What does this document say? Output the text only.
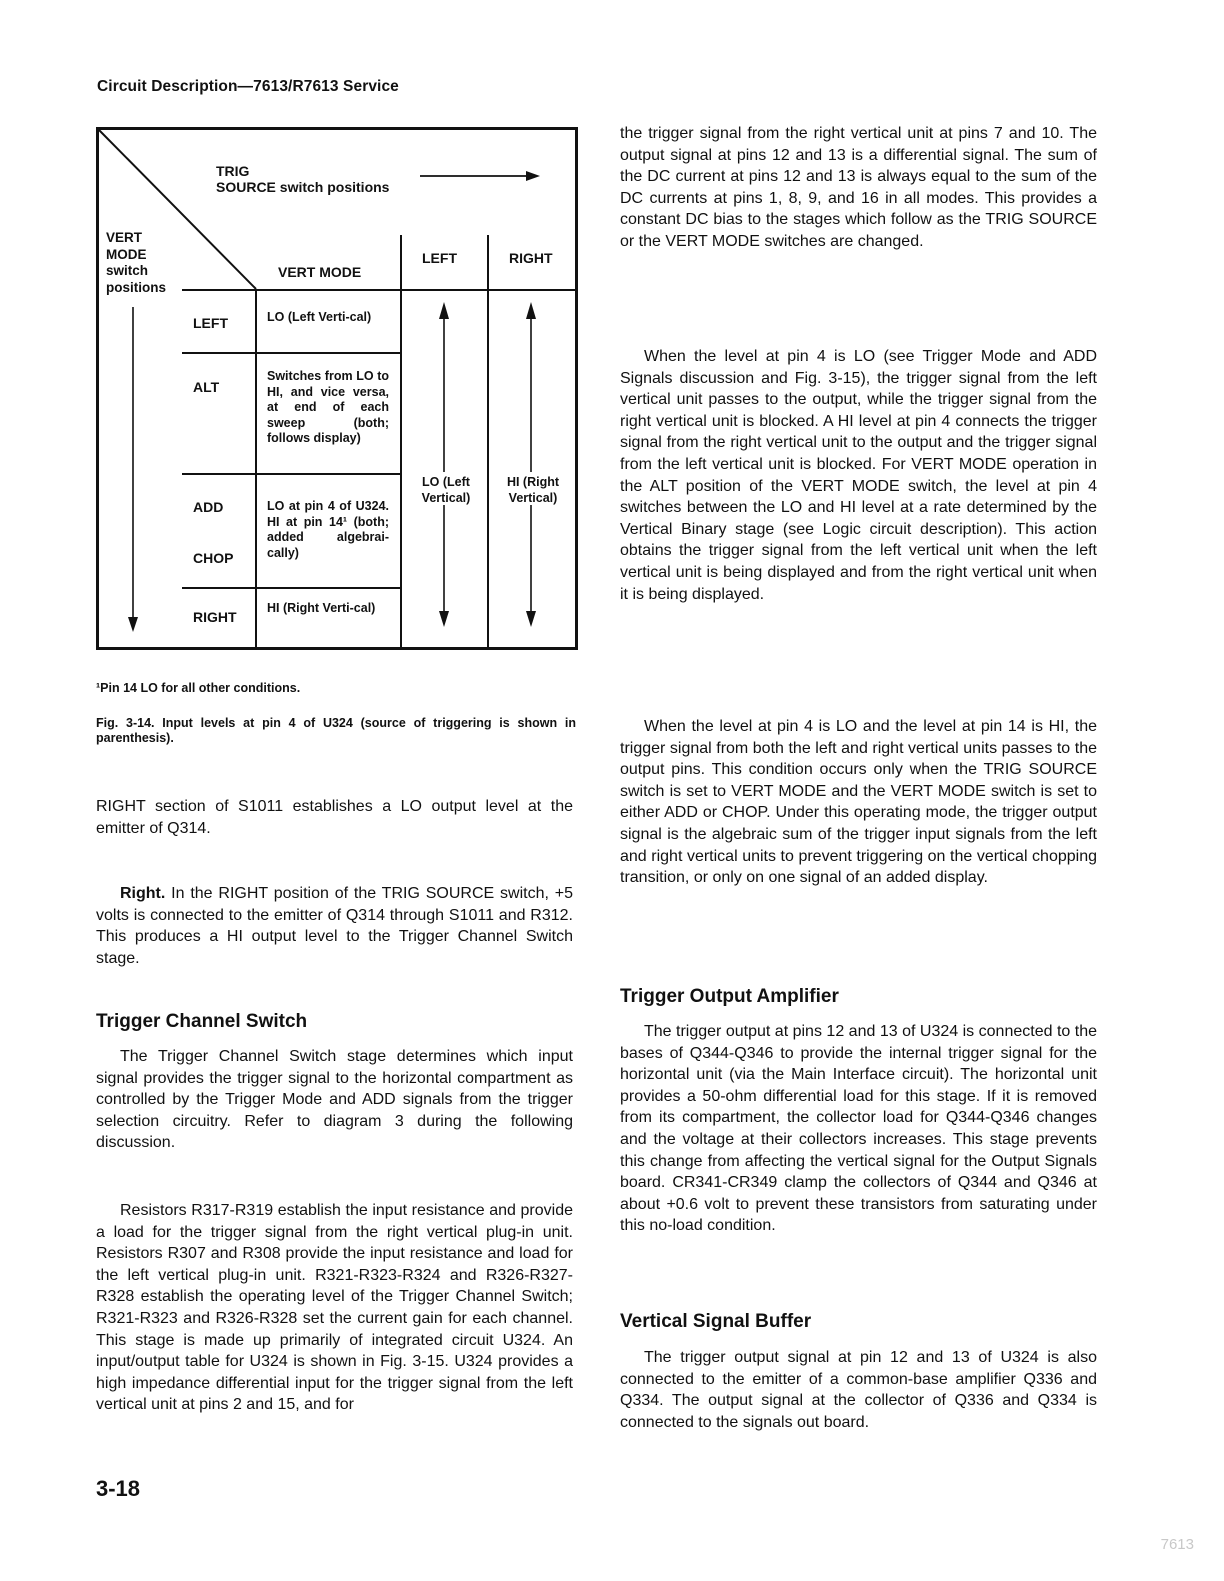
Circuit Description—7613/R7613 Service
TRIG
SOURCE switch positions
VERT
MODE
switch
positions
VERT MODE
LEFT	RIGHT
LEFT
ALT
ADD
CHOP
RIGHT
LO (Left Verti-cal)
Switches from LO to HI, and vice versa, at end of each sweep (both; follows display)
LO at pin 4 of U324. HI at pin 14¹ (both; added algebrai-cally)
HI (Right Verti-cal)
LO (Left Vertical)
HI (Right Vertical)
¹Pin 14 LO for all other conditions.
Fig. 3-14. Input levels at pin 4 of U324 (source of triggering is shown in parenthesis).

RIGHT section of S1011 establishes a LO output level at the emitter of Q314.

Right. In the RIGHT position of the TRIG SOURCE switch, +5 volts is connected to the emitter of Q314 through S1011 and R312. This produces a HI output level to the Trigger Channel Switch stage.

Trigger Channel Switch

The Trigger Channel Switch stage determines which input signal provides the trigger signal to the horizontal compartment as controlled by the Trigger Mode and ADD signals from the trigger selection circuitry. Refer to diagram 3 during the following discussion.

Resistors R317-R319 establish the input resistance and provide a load for the trigger signal from the right vertical plug-in unit. Resistors R307 and R308 provide the input resistance and load for the left vertical plug-in unit. R321-R323-R324 and R326-R327-R328 establish the operating level of the Trigger Channel Switch; R321-R323 and R326-R328 set the current gain for each channel. This stage is made up primarily of integrated circuit U324. An input/output table for U324 is shown in Fig. 3-15. U324 provides a high impedance differential input for the trigger signal from the left vertical unit at pins 2 and 15, and for

the trigger signal from the right vertical unit at pins 7 and 10. The output signal at pins 12 and 13 is a differential signal. The sum of the DC current at pins 12 and 13 is always equal to the sum of the DC currents at pins 1, 8, 9, and 16 in all modes. This provides a constant DC bias to the stages which follow as the TRIG SOURCE or the VERT MODE switches are changed.

When the level at pin 4 is LO (see Trigger Mode and ADD Signals discussion and Fig. 3-15), the trigger signal from the left vertical unit passes to the output, while the trigger signal from the right vertical unit is blocked. A HI level at pin 4 connects the trigger signal from the right vertical unit to the output and the trigger signal from the left vertical unit is blocked. For VERT MODE operation in the ALT position of the VERT MODE switch, the level at pin 4 switches between the LO and HI level at a rate determined by the Vertical Binary stage (see Logic circuit description). This action obtains the trigger signal from the left vertical unit when the left vertical unit is being displayed and from the right vertical unit when it is being displayed.

When the level at pin 4 is LO and the level at pin 14 is HI, the trigger signal from both the left and right vertical units passes to the output pins. This condition occurs only when the TRIG SOURCE switch is set to VERT MODE and the VERT MODE switch is set to either ADD or CHOP. Under this operating mode, the trigger output signal is the algebraic sum of the trigger input signals from the left and right vertical units to prevent triggering on the vertical chopping transition, or only on one signal of an added display.

Trigger Output Amplifier

The trigger output at pins 12 and 13 of U324 is connected to the bases of Q344-Q346 to provide the internal trigger signal for the horizontal unit (via the Main Interface circuit). The horizontal unit provides a 50-ohm differential load for this stage. If it is removed from its compartment, the collector load for Q344-Q346 changes and the voltage at their collectors increases. This stage prevents this change from affecting the vertical signal for the Output Signals board. CR341-CR349 clamp the collectors of Q344 and Q346 at about +0.6 volt to prevent these transistors from saturating under this no-load condition.

Vertical Signal Buffer

The trigger output signal at pin 12 and 13 of U324 is also connected to the emitter of a common-base amplifier Q336 and Q334. The output signal at the collector of Q336 and Q334 is connected to the signals out board.

3-18
7613
